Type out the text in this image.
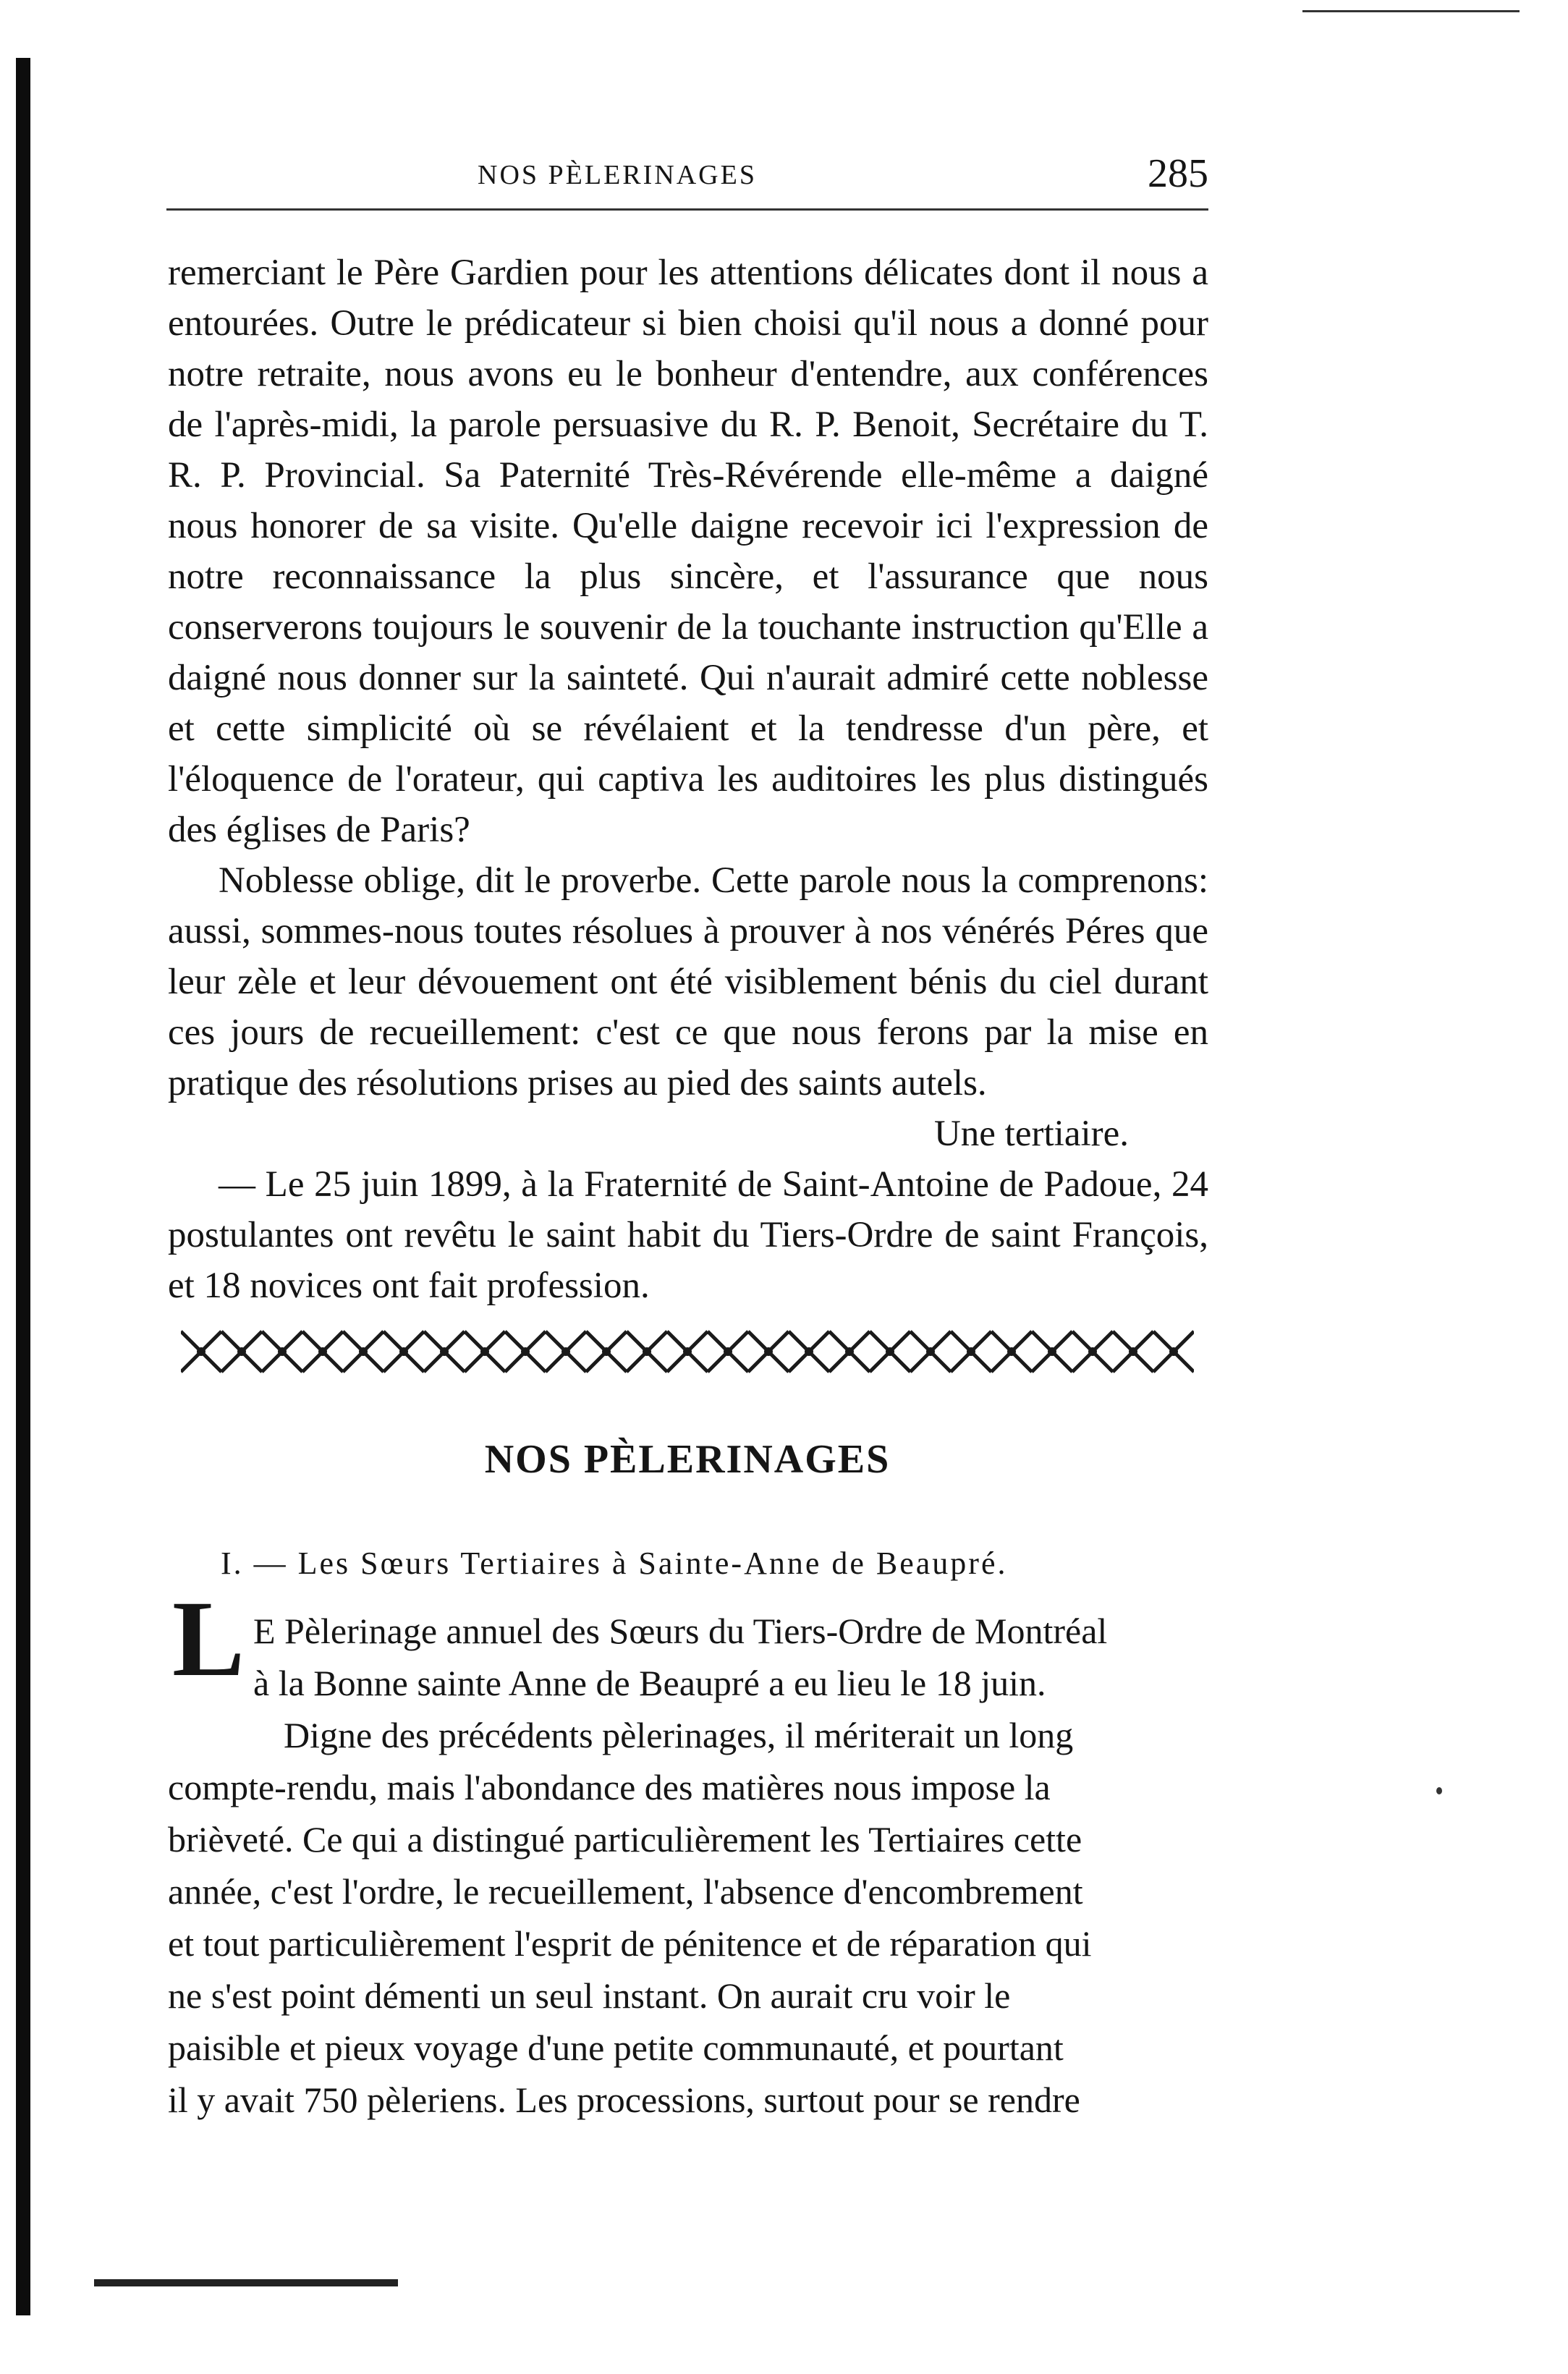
NOS PÈLERINAGES	285

remerciant le Père Gardien pour les attentions délicates dont il nous a entourées. Outre le prédicateur si bien choisi qu'il nous a donné pour notre retraite, nous avons eu le bonheur d'entendre, aux conférences de l'après-midi, la parole persuasive du R. P. Benoit, Secrétaire du T. R. P. Provincial. Sa Paternité Très-Révérende elle-même a daigné nous honorer de sa visite. Qu'elle daigne recevoir ici l'expression de notre reconnaissance la plus sincère, et l'assurance que nous conserverons toujours le souvenir de la touchante instruction qu'Elle a daigné nous donner sur la sainteté. Qui n'aurait admiré cette noblesse et cette simplicité où se révélaient et la tendresse d'un père, et l'éloquence de l'orateur, qui captiva les auditoires les plus distingués des églises de Paris?

Noblesse oblige, dit le proverbe. Cette parole nous la comprenons: aussi, sommes-nous toutes résolues à prouver à nos vénérés Péres que leur zèle et leur dévouement ont été visiblement bénis du ciel durant ces jours de recueillement: c'est ce que nous ferons par la mise en pratique des résolutions prises au pied des saints autels.

Une tertiaire.

— Le 25 juin 1899, à la Fraternité de Saint-Antoine de Padoue, 24 postulantes ont revêtu le saint habit du Tiers-Ordre de saint François, et 18 novices ont fait profession.

NOS PÈLERINAGES
I. — Les Sœurs Tertiaires à Sainte-Anne de Beaupré.
L E Pèlerinage annuel des Sœurs du Tiers-Ordre de Montréal
à la Bonne sainte Anne de Beaupré a eu lieu le 18 juin.
Digne des précédents pèlerinages, il mériterait un long
compte-rendu, mais l'abondance des matières nous impose la
brièveté. Ce qui a distingué particulièrement les Tertiaires cette
année, c'est l'ordre, le recueillement, l'absence d'encombrement
et tout particulièrement l'esprit de pénitence et de réparation qui
ne s'est point démenti un seul instant. On aurait cru voir le
paisible et pieux voyage d'une petite communauté, et pourtant
il y avait 750 pèleriens. Les processions, surtout pour se rendre
